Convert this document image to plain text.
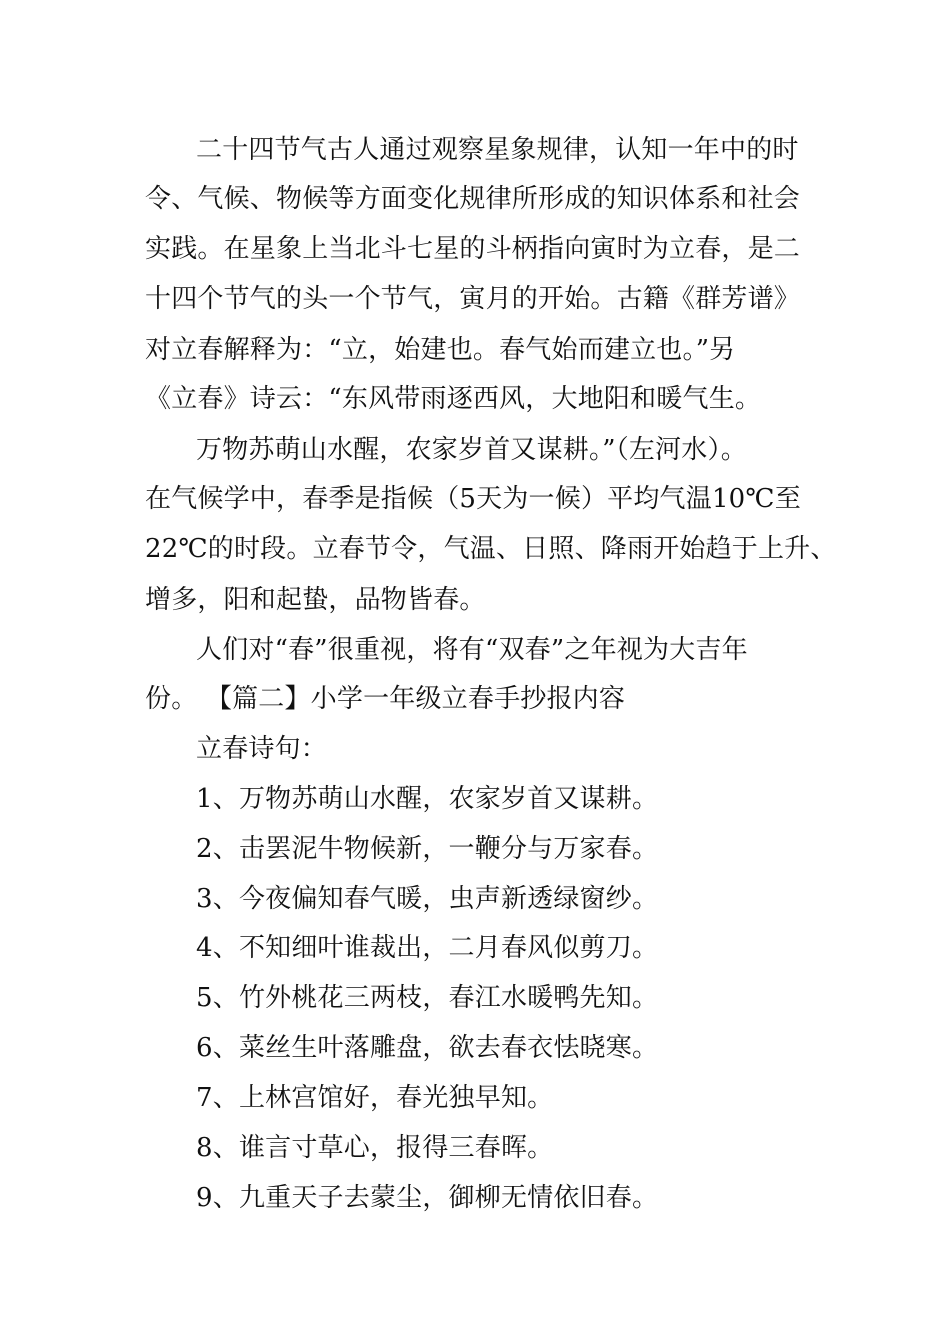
二十四节气古人通过观察星象规律，认知一年中的时
令、气候、物候等方面变化规律所形成的知识体系和社会
实践。在星象上当北斗七星的斗柄指向寅时为立春，是二
十四个节气的头一个节气，寅月的开始。古籍《群芳谱》
对立春解释为：“立，始建也。春气始而建立也。”另
《立春》诗云：“东风带雨逐西风，大地阳和暖气生。
万物苏萌山水醒，农家岁首又谋耕。”（左河水）。
在气候学中，春季是指候（5天为一候）平均气温10℃至
22℃的时段。立春节令，气温、日照、降雨开始趋于上升、
增多，阳和起蛰，品物皆春。
人们对“春”很重视，将有“双春”之年视为大吉年
份。 【篇二】小学一年级立春手抄报内容
立春诗句：
1、万物苏萌山水醒，农家岁首又谋耕。
2、击罢泥牛物候新，一鞭分与万家春。
3、今夜偏知春气暖，虫声新透绿窗纱。
4、不知细叶谁裁出，二月春风似剪刀。
5、竹外桃花三两枝，春江水暖鸭先知。
6、菜丝生叶落雕盘，欲去春衣怯晓寒。
7、上林宫馆好，春光独早知。
8、谁言寸草心，报得三春晖。
9、九重天子去蒙尘，御柳无情依旧春。
